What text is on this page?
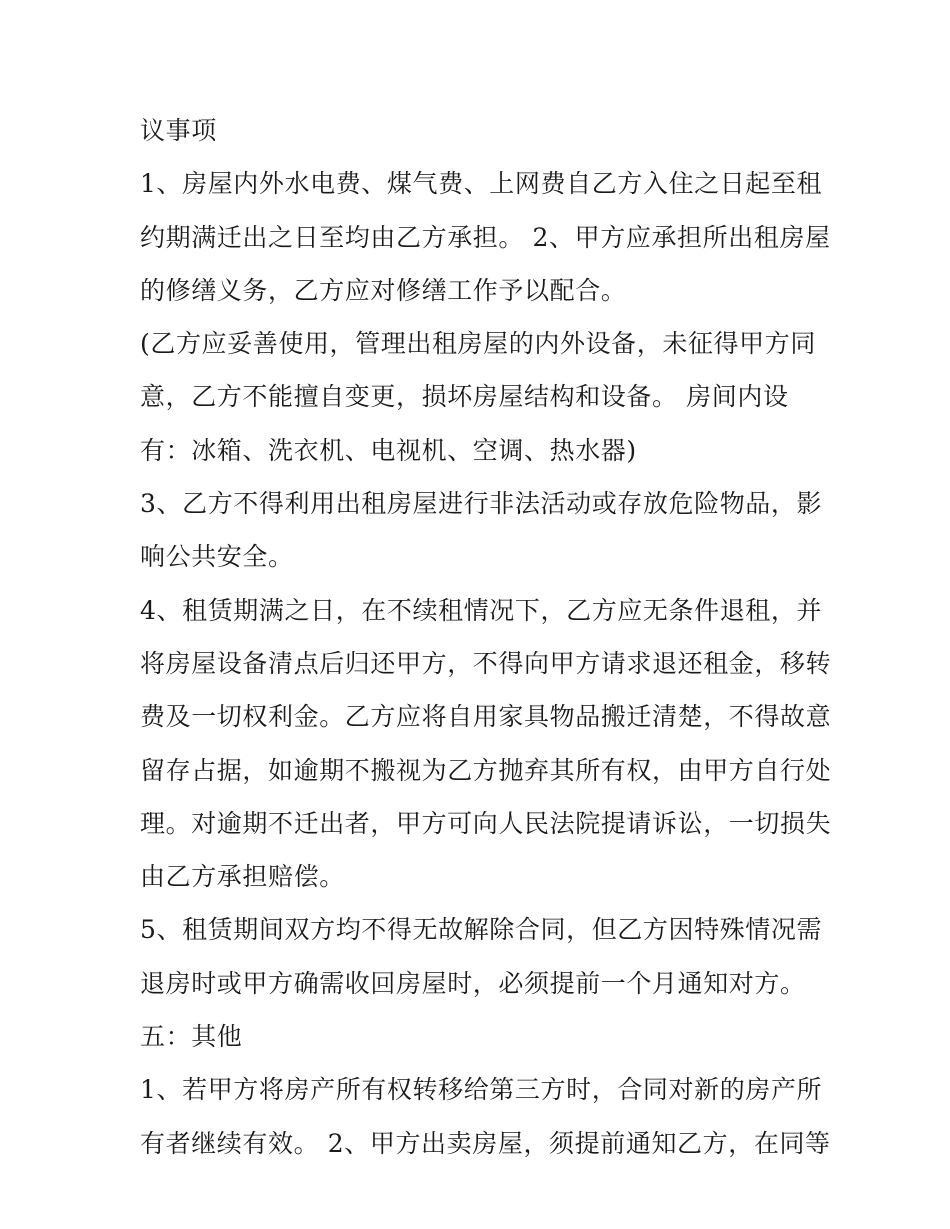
议事项
1、房屋内外水电费、煤气费、上网费自乙方入住之日起至租
约期满迁出之日至均由乙方承担。 2、甲方应承担所出租房屋
的修缮义务，乙方应对修缮工作予以配合。
(乙方应妥善使用，管理出租房屋的内外设备，未征得甲方同
意，乙方不能擅自变更，损坏房屋结构和设备。 房间内设
有：冰箱、洗衣机、电视机、空调、热水器)
3、乙方不得利用出租房屋进行非法活动或存放危险物品，影
响公共安全。
4、租赁期满之日，在不续租情况下，乙方应无条件退租，并
将房屋设备清点后归还甲方，不得向甲方请求退还租金，移转
费及一切权利金。乙方应将自用家具物品搬迁清楚，不得故意
留存占据，如逾期不搬视为乙方抛弃其所有权，由甲方自行处
理。对逾期不迁出者，甲方可向人民法院提请诉讼，一切损失
由乙方承担赔偿。
5、租赁期间双方均不得无故解除合同，但乙方因特殊情况需
退房时或甲方确需收回房屋时，必须提前一个月通知对方。
五：其他
1、若甲方将房产所有权转移给第三方时，合同对新的房产所
有者继续有效。 2、甲方出卖房屋，须提前通知乙方，在同等
